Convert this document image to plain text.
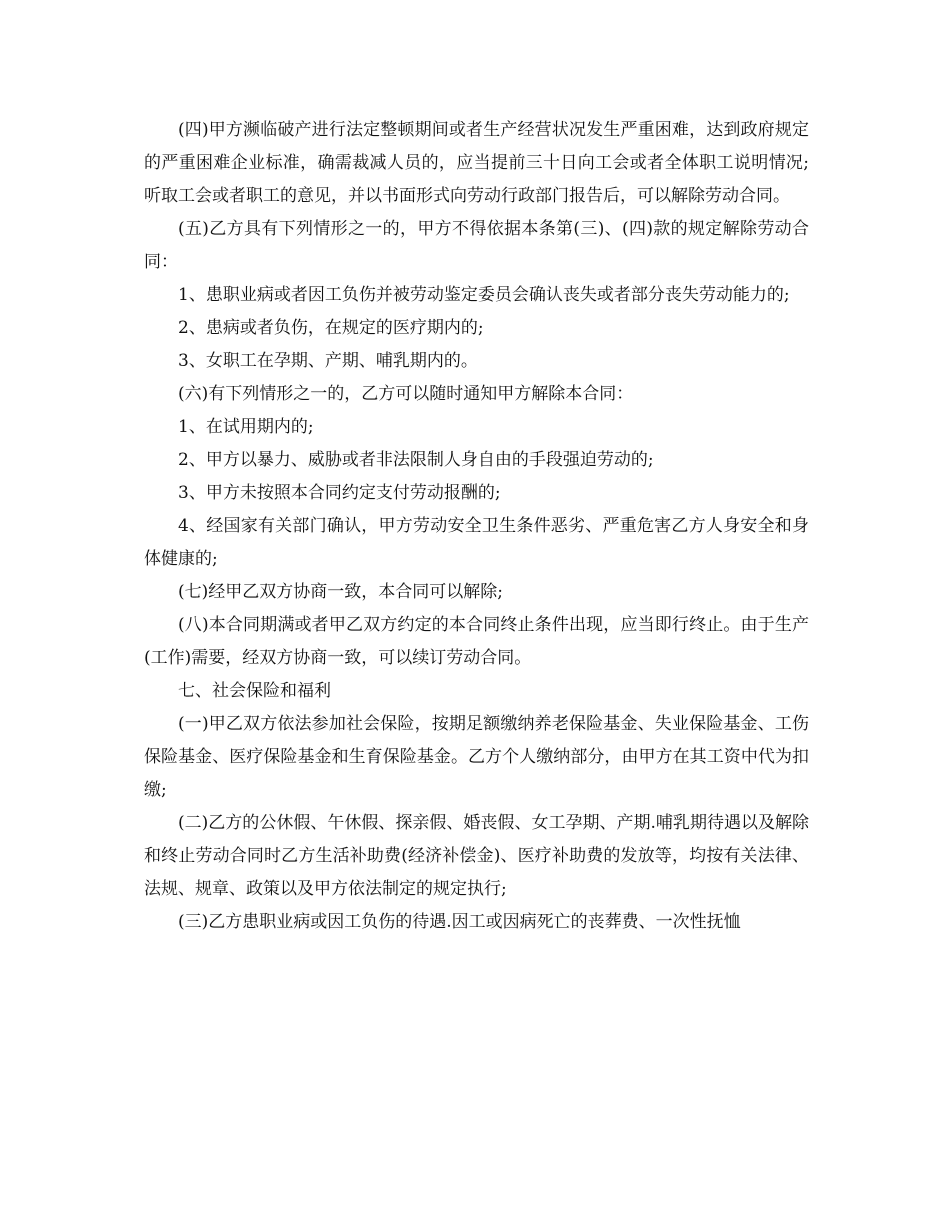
(四)甲方濒临破产进行法定整顿期间或者生产经营状况发生严重困难，达到政府规定的严重困难企业标准，确需裁减人员的，应当提前三十日向工会或者全体职工说明情况;听取工会或者职工的意见，并以书面形式向劳动行政部门报告后，可以解除劳动合同。

(五)乙方具有下列情形之一的，甲方不得依据本条第(三)、(四)款的规定解除劳动合同：

1、患职业病或者因工负伤并被劳动鉴定委员会确认丧失或者部分丧失劳动能力的;

2、患病或者负伤，在规定的医疗期内的;

3、女职工在孕期、产期、哺乳期内的。

(六)有下列情形之一的，乙方可以随时通知甲方解除本合同：

1、在试用期内的;

2、甲方以暴力、威胁或者非法限制人身自由的手段强迫劳动的;

3、甲方未按照本合同约定支付劳动报酬的;

4、经国家有关部门确认，甲方劳动安全卫生条件恶劣、严重危害乙方人身安全和身体健康的;

(七)经甲乙双方协商一致，本合同可以解除;

(八)本合同期满或者甲乙双方约定的本合同终止条件出现，应当即行终止。由于生产(工作)需要，经双方协商一致，可以续订劳动合同。

七、社会保险和福利

(一)甲乙双方依法参加社会保险，按期足额缴纳养老保险基金、失业保险基金、工伤保险基金、医疗保险基金和生育保险基金。乙方个人缴纳部分，由甲方在其工资中代为扣缴;

(二)乙方的公休假、午休假、探亲假、婚丧假、女工孕期、产期.哺乳期待遇以及解除和终止劳动合同时乙方生活补助费(经济补偿金)、医疗补助费的发放等，均按有关法律、法规、规章、政策以及甲方依法制定的规定执行;

(三)乙方患职业病或因工负伤的待遇.因工或因病死亡的丧葬费、一次性抚恤
